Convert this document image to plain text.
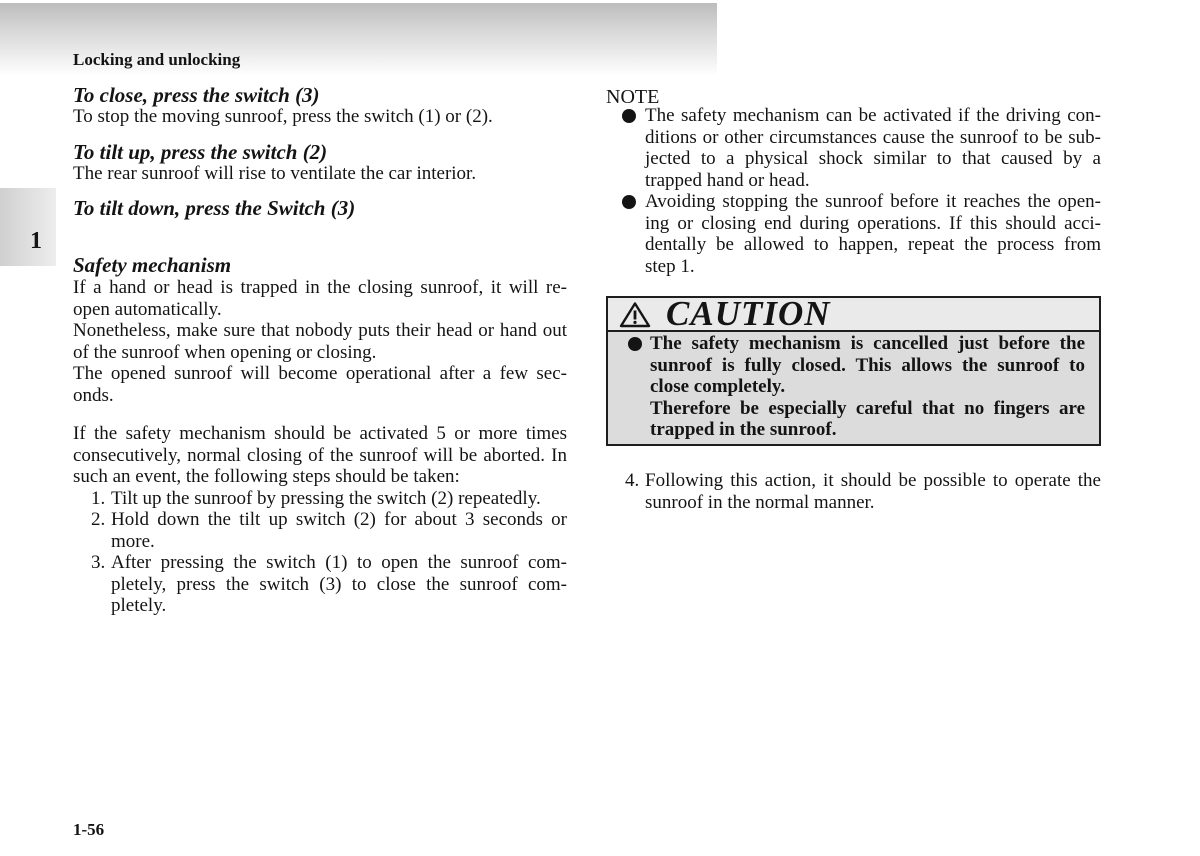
Locking and unlocking
1
To close, press the switch (3)
To stop the moving sunroof, press the switch (1) or (2).
To tilt up, press the switch (2)
The rear sunroof will rise to ventilate the car interior.
To tilt down, press the Switch (3)
Safety mechanism
If a hand or head is trapped in the closing sunroof, it will re-
open automatically.
Nonetheless, make sure that nobody puts their head or hand out
of the sunroof when opening or closing.
The opened sunroof will become operational after a few sec-
onds.
If the safety mechanism should be activated 5 or more times
consecutively, normal closing of the sunroof will be aborted. In
such an event, the following steps should be taken:
1. Tilt up the sunroof by pressing the switch (2) repeatedly.
2. Hold down the tilt up switch (2) for about 3 seconds or
more.
3. After pressing the switch (1) to open the sunroof com-
pletely, press the switch (3) to close the sunroof com-
pletely.
NOTE
The safety mechanism can be activated if the driving con-
ditions or other circumstances cause the sunroof to be sub-
jected to a physical shock similar to that caused by a
trapped hand or head.
Avoiding stopping the sunroof before it reaches the open-
ing or closing end during operations. If this should acci-
dentally be allowed to happen, repeat the process from
step 1.
CAUTION
The safety mechanism is cancelled just before the
sunroof is fully closed. This allows the sunroof to
close completely.
Therefore be especially careful that no fingers are
trapped in the sunroof.
4. Following this action, it should be possible to operate the
sunroof in the normal manner.
1-56
